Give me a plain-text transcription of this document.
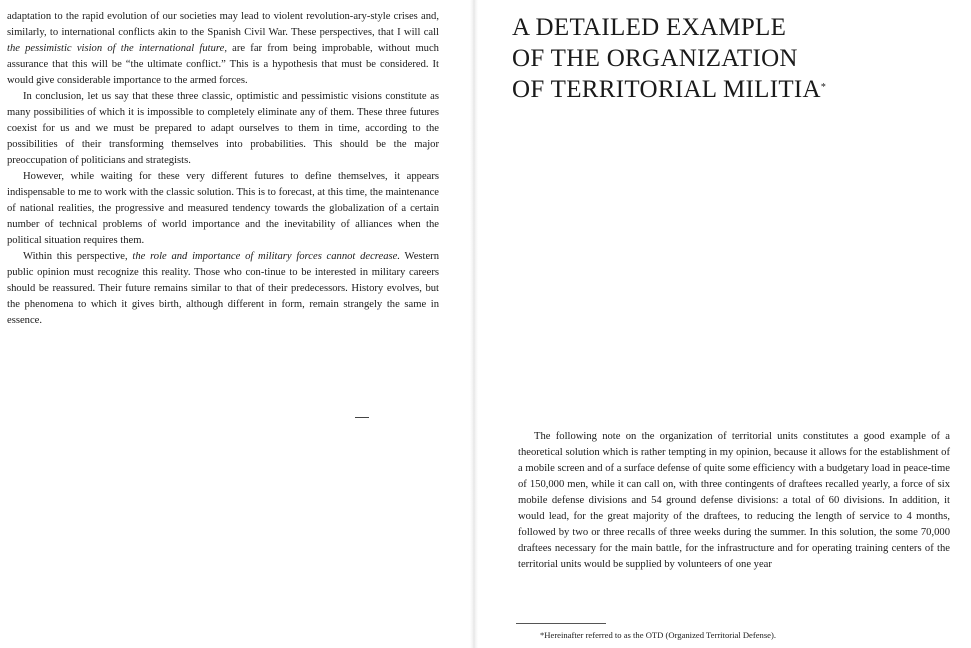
adaptation to the rapid evolution of our societies may lead to violent revolution-ary-style crises and, similarly, to international conflicts akin to the Spanish Civil War. These perspectives, that I will call the pessimistic vision of the international future, are far from being improbable, without much assurance that this will be “the ultimate conflict.” This is a hypothesis that must be considered. It would give considerable importance to the armed forces.

In conclusion, let us say that these three classic, optimistic and pessimistic visions constitute as many possibilities of which it is impossible to completely eliminate any of them. These three futures coexist for us and we must be prepared to adapt ourselves to them in time, according to the possibilities of their transforming themselves into probabilities. This should be the major preoccupation of politicians and strategists.

However, while waiting for these very different futures to define themselves, it appears indispensable to me to work with the classic solution. This is to forecast, at this time, the maintenance of national realities, the progressive and measured tendency towards the globalization of a certain number of technical problems of world importance and the inevitability of alliances when the political situation requires them.

Within this perspective, the role and importance of military forces cannot decrease. Western public opinion must recognize this reality. Those who con-tinue to be interested in military careers should be reassured. Their future remains similar to that of their predecessors. History evolves, but the phenomena to which it gives birth, although different in form, remain strangely the same in essence.

A DETAILED EXAMPLE
OF THE ORGANIZATION
OF TERRITORIAL MILITIA*

The following note on the organization of territorial units constitutes a good example of a theoretical solution which is rather tempting in my opinion, because it allows for the establishment of a mobile screen and of a surface defense of quite some efficiency with a budgetary load in peace-time of 150,000 men, while it can call on, with three contingents of draftees recalled yearly, a force of six mobile defense divisions and 54 ground defense divisions: a total of 60 divisions. In addition, it would lead, for the great majority of the draftees, to reducing the length of service to 4 months, followed by two or three recalls of three weeks during the summer. In this solution, the some 70,000 draftees necessary for the main battle, for the infrastructure and for operating training centers of the territorial units would be supplied by volunteers of one year

*Hereinafter referred to as the OTD (Organized Territorial Defense).
